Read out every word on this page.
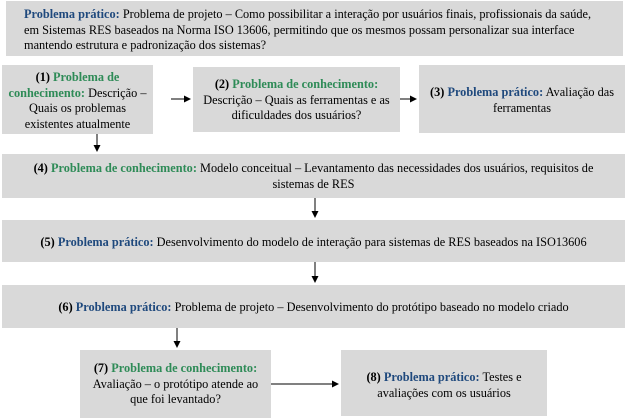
Problema prático: Problema de projeto – Como possibilitar a interação por usuários finais, profissionais da saúde, em Sistemas RES baseados na Norma ISO 13606, permitindo que os mesmos possam personalizar sua interface mantendo estrutura e padronização dos sistemas?
(1) Problema de conhecimento: Descrição – Quais os problemas existentes atualmente
(2) Problema de conhecimento: Descrição – Quais as ferramentas e as dificuldades dos usuários?
(3) Problema prático: Avaliação das ferramentas
(4) Problema de conhecimento: Modelo conceitual – Levantamento das necessidades dos usuários, requisitos de sistemas de RES
(5) Problema prático: Desenvolvimento do modelo de interação para sistemas de RES baseados na ISO13606
(6) Problema prático: Problema de projeto – Desenvolvimento do protótipo baseado no modelo criado
(7) Problema de conhecimento: Avaliação – o protótipo atende ao que foi levantado?
(8) Problema prático: Testes e avaliações com os usuários
